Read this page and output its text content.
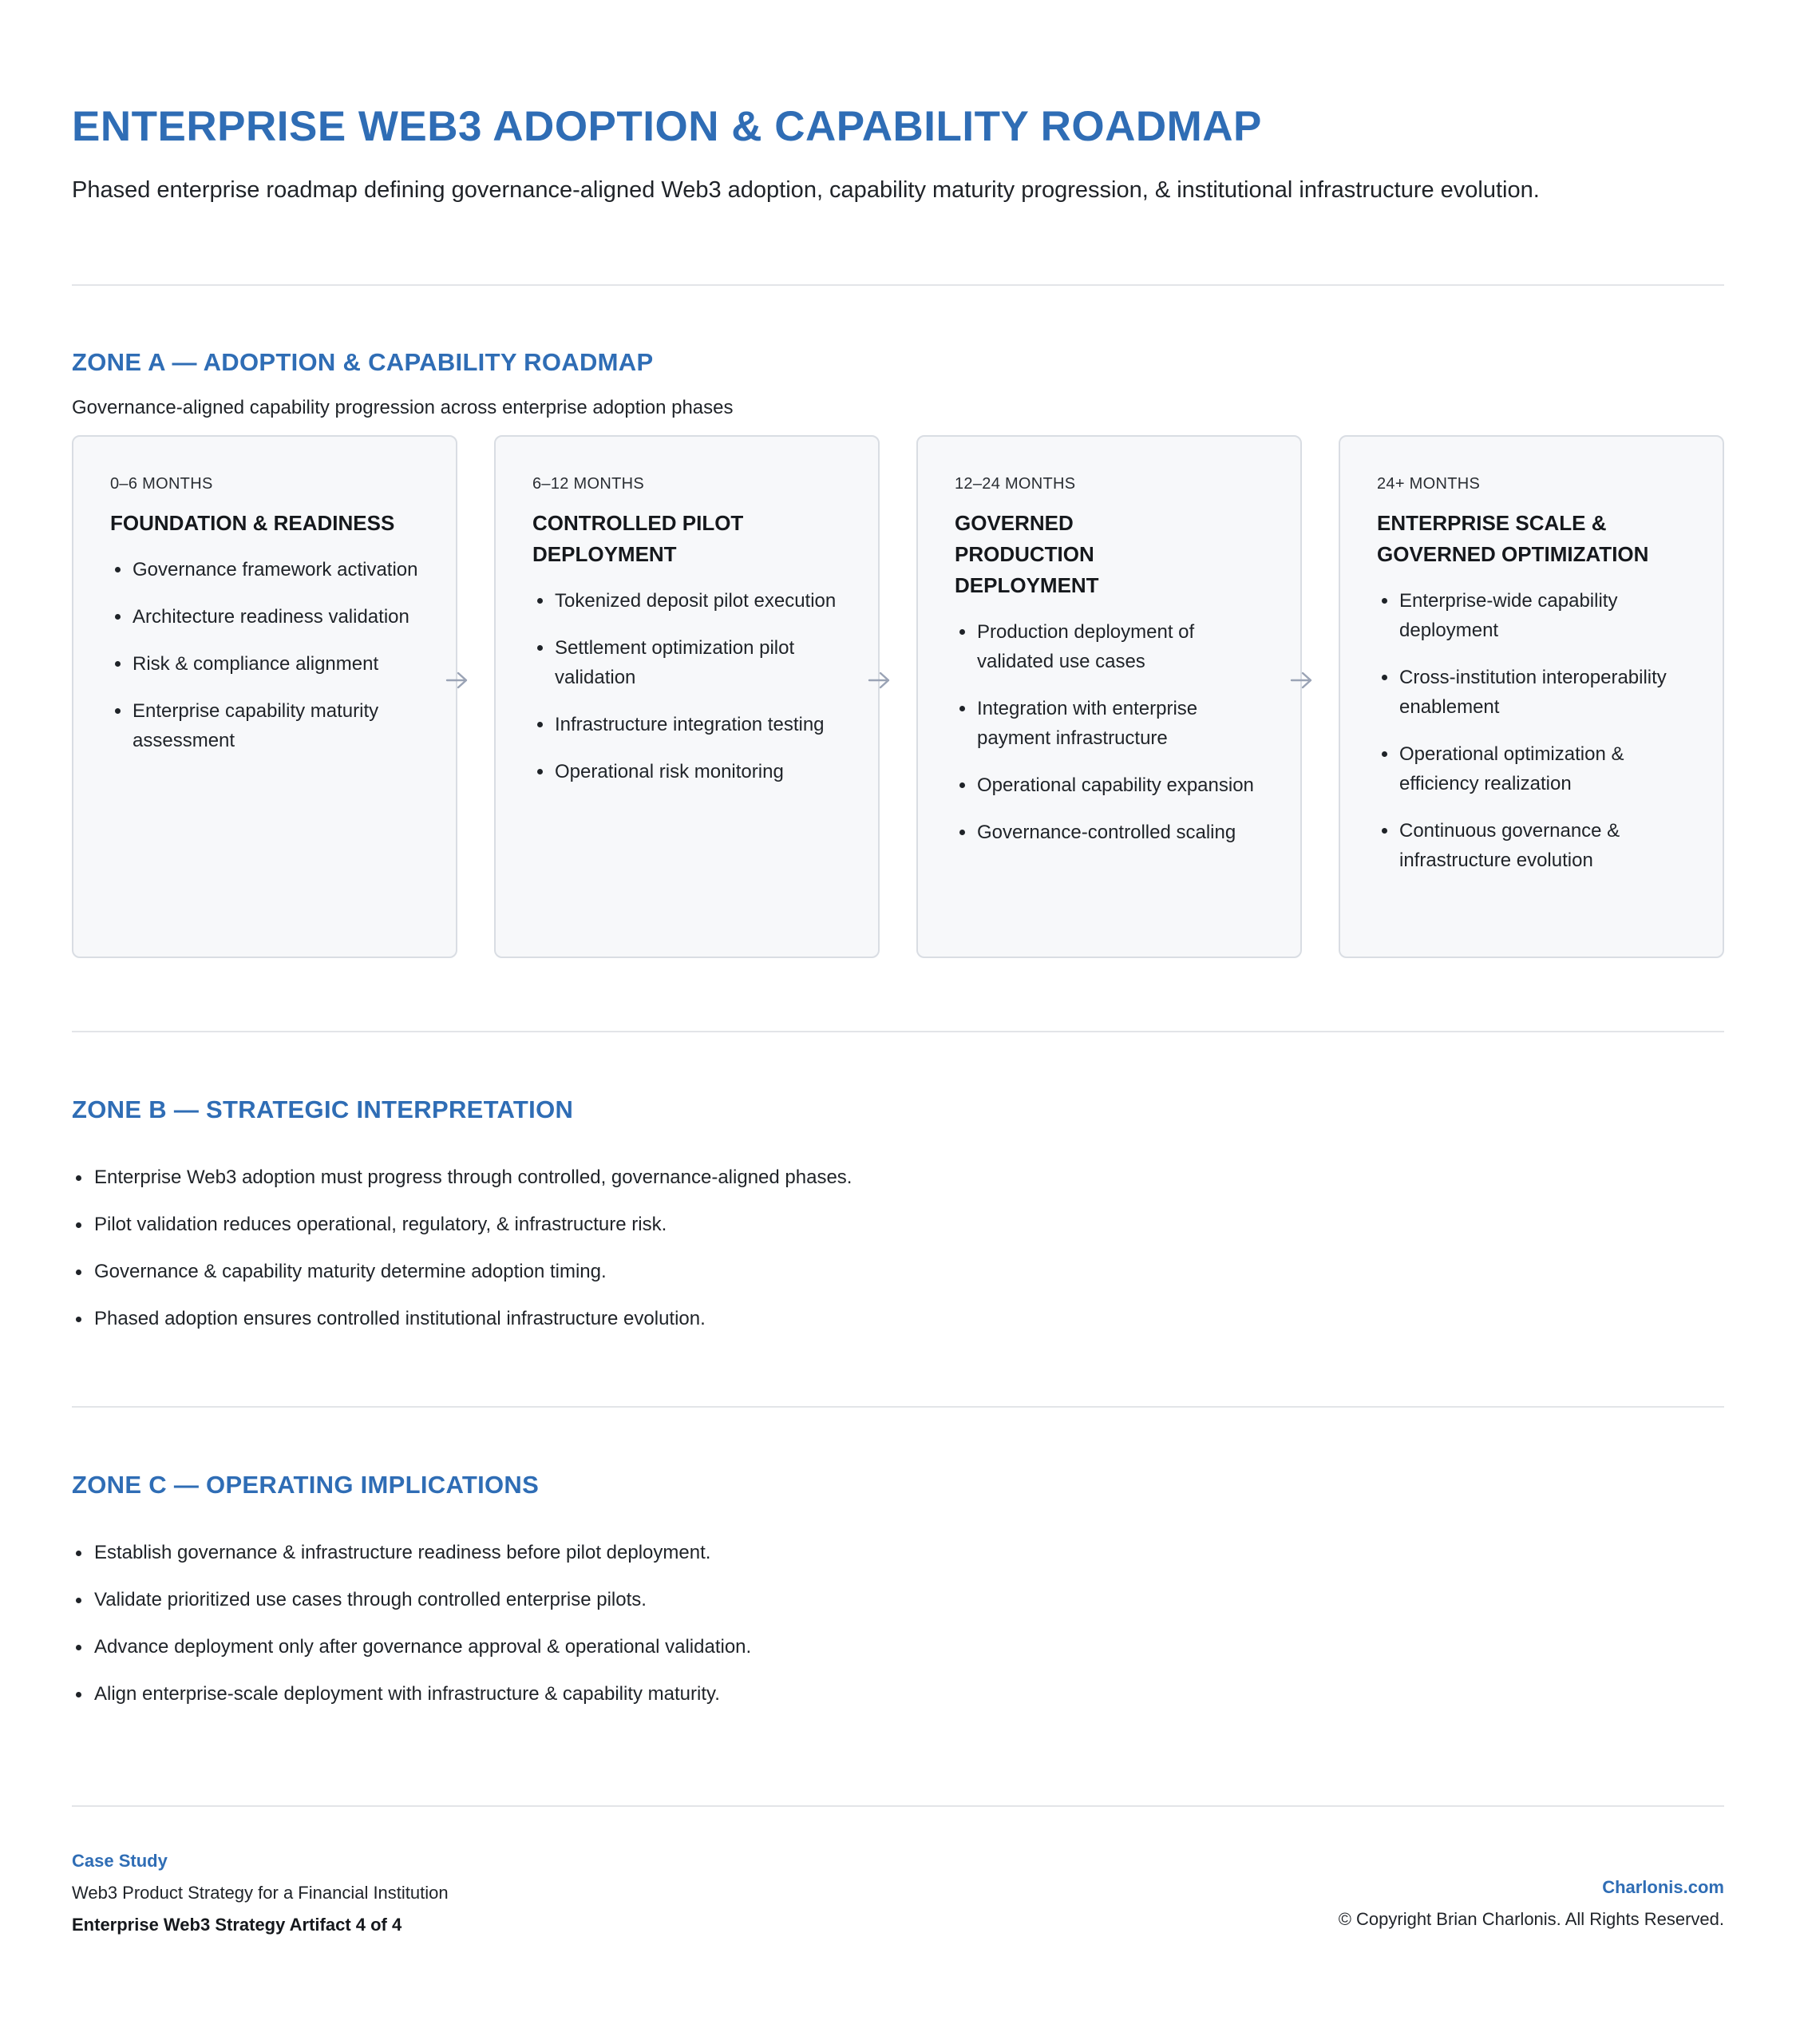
ENTERPRISE WEB3 ADOPTION & CAPABILITY ROADMAP

Phased enterprise roadmap defining governance-aligned Web3 adoption, capability maturity progression, & institutional infrastructure evolution.

ZONE A — ADOPTION & CAPABILITY ROADMAP

Governance-aligned capability progression across enterprise adoption phases

0–6 MONTHS

FOUNDATION & READINESS

Governance framework activation
Architecture readiness validation
Risk & compliance alignment
Enterprise capability maturity assessment

6–12 MONTHS

CONTROLLED PILOT DEPLOYMENT

Tokenized deposit pilot execution
Settlement optimization pilot validation
Infrastructure integration testing
Operational risk monitoring

12–24 MONTHS

GOVERNED PRODUCTION DEPLOYMENT

Production deployment of validated use cases
Integration with enterprise payment infrastructure
Operational capability expansion
Governance-controlled scaling

24+ MONTHS

ENTERPRISE SCALE & GOVERNED OPTIMIZATION

Enterprise-wide capability deployment
Cross-institution interoperability enablement
Operational optimization & efficiency realization
Continuous governance & infrastructure evolution
ZONE B — STRATEGIC INTERPRETATION
Enterprise Web3 adoption must progress through controlled, governance-aligned phases.
Pilot validation reduces operational, regulatory, & infrastructure risk.
Governance & capability maturity determine adoption timing.
Phased adoption ensures controlled institutional infrastructure evolution.
ZONE C — OPERATING IMPLICATIONS
Establish governance & infrastructure readiness before pilot deployment.
Validate prioritized use cases through controlled enterprise pilots.
Advance deployment only after governance approval & operational validation.
Align enterprise-scale deployment with infrastructure & capability maturity.

Case Study

Web3 Product Strategy for a Financial Institution

Enterprise Web3 Strategy Artifact 4 of 4

Charlonis.com

© Copyright Brian Charlonis. All Rights Reserved.
